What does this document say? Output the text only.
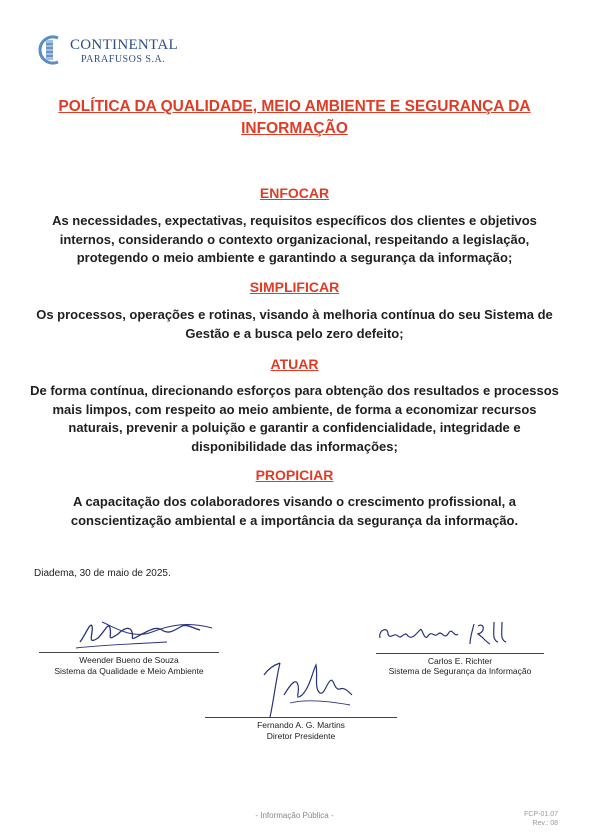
CONTINENTAL
PARAFUSOS S.A.
POLÍTICA DA QUALIDADE, MEIO AMBIENTE E SEGURANÇA DA INFORMAÇÃO
ENFOCAR
As necessidades, expectativas, requisitos específicos dos clientes e objetivos internos, considerando o contexto organizacional, respeitando a legislação, protegendo o meio ambiente e garantindo a segurança da informação;
SIMPLIFICAR
Os processos, operações e rotinas, visando à melhoria contínua do seu Sistema de Gestão e a busca pelo zero defeito;
ATUAR
De forma contínua, direcionando esforços para obtenção dos resultados e processos mais limpos, com respeito ao meio ambiente, de forma a economizar recursos naturais, prevenir a poluição e garantir a confidencialidade, integridade e disponibilidade das informações;
PROPICIAR
A capacitação dos colaboradores visando o crescimento profissional, a conscientização ambiental e a importância da segurança da informação.
Diadema, 30 de maio de 2025.
Weender Bueno de Souza
Sistema da Qualidade e Meio Ambiente
Carlos E. Richter
Sistema de Segurança da Informação
Fernando A. G. Martins
Diretor Presidente
- Informação Pública -	FCP-01.07
Rev.: 08
